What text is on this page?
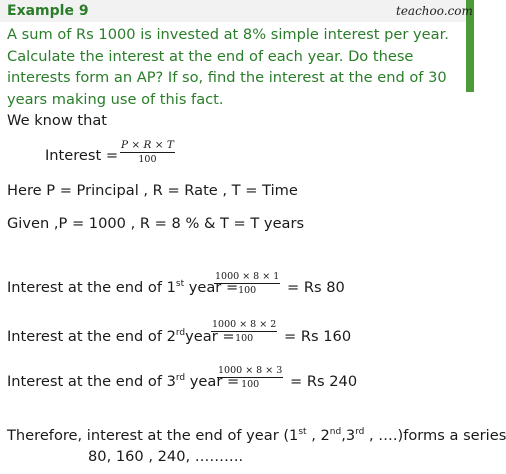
Example 9	teachoo.com
A sum of Rs 1000 is invested at 8% simple interest per year. Calculate the interest at the end of each year. Do these interests form an AP? If so, find the interest at the end of 30 years making use of this fact.
We know that
Interest = $\frac{P \times R \times T}{100}$
Here P = Principal , R = Rate , T = Time
Given ,P = 1000 , R = 8 % & T = T years
Interest at the end of 1st year =
$\frac{1000 \times 8 \times 1}{100} = Rs$ 80
Interest at the end of 2rdyear =
$\frac{1000 \times 8 \times 2}{100} = Rs$ 160
Interest at the end of 3rd year =
$\frac{1000 \times 8 \times 3}{100} = Rs$ 240
Therefore, interest at the end of year (1st , 2nd,3rd , ….)forms a series
80, 160 , 240, ……….
